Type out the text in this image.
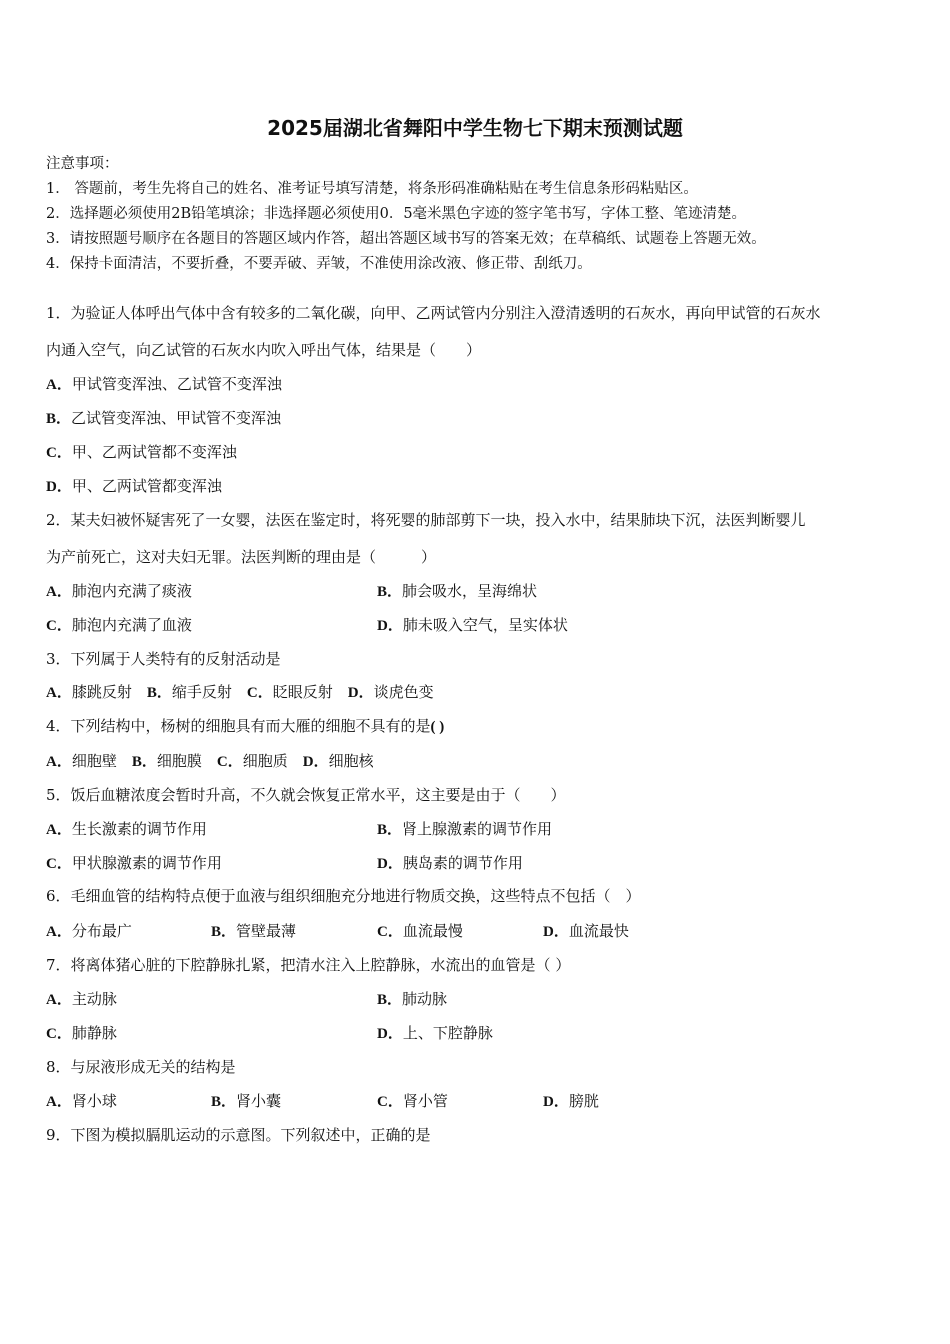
2025届湖北省舞阳中学生物七下期末预测试题
注意事项：
1． 答题前，考生先将自己的姓名、准考证号填写清楚，将条形码准确粘贴在考生信息条形码粘贴区。
2．选择题必须使用2B铅笔填涂；非选择题必须使用0．5毫米黑色字迹的签字笔书写，字体工整、笔迹清楚。
3．请按照题号顺序在各题目的答题区域内作答，超出答题区域书写的答案无效；在草稿纸、试题卷上答题无效。
4．保持卡面清洁，不要折叠，不要弄破、弄皱，不准使用涂改液、修正带、刮纸刀。
1．为验证人体呼出气体中含有较多的二氧化碳，向甲、乙两试管内分别注入澄清透明的石灰水，再向甲试管的石灰水
内通入空气，向乙试管的石灰水内吹入呼出气体，结果是（　　）
A．甲试管变浑浊、乙试管不变浑浊
B．乙试管变浑浊、甲试管不变浑浊
C．甲、乙两试管都不变浑浊
D．甲、乙两试管都变浑浊
2．某夫妇被怀疑害死了一女婴，法医在鉴定时，将死婴的肺部剪下一块，投入水中，结果肺块下沉，法医判断婴儿
为产前死亡，这对夫妇无罪。法医判断的理由是（　　　）
A．肺泡内充满了痰液	B．肺会吸水，呈海绵状
C．肺泡内充满了血液	D．肺未吸入空气，呈实体状
3．下列属于人类特有的反射活动是
A．膝跳反射　B．缩手反射　C．眨眼反射　D．谈虎色变
4．下列结构中，杨树的细胞具有而大雁的细胞不具有的是( )
A．细胞壁　B．细胞膜　C．细胞质　D．细胞核
5．饭后血糖浓度会暂时升高，不久就会恢复正常水平，这主要是由于（　　）
A．生长激素的调节作用	B．肾上腺激素的调节作用
C．甲状腺激素的调节作用	D．胰岛素的调节作用
6．毛细血管的结构特点便于血液与组织细胞充分地进行物质交换，这些特点不包括（　）
A．分布最广	B．管壁最薄	C．血流最慢	D．血流最快
7．将离体猪心脏的下腔静脉扎紧，把清水注入上腔静脉，水流出的血管是（ ）
A．主动脉	B．肺动脉
C．肺静脉	D．上、下腔静脉
8．与尿液形成无关的结构是
A．肾小球	B．肾小囊	C．肾小管	D．膀胱
9．下图为模拟膈肌运动的示意图。下列叙述中，正确的是
